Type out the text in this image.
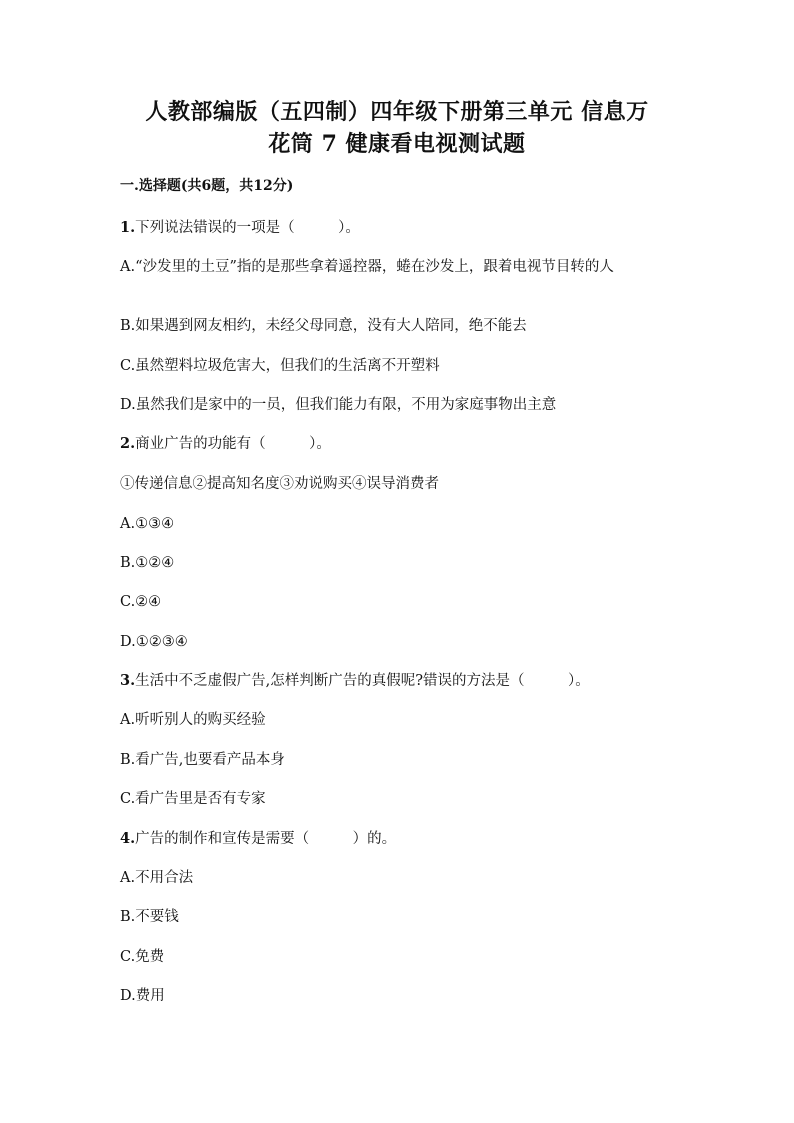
人教部编版（五四制）四年级下册第三单元 信息万
花筒 7 健康看电视测试题
一.选择题(共6题，共12分)
1.下列说法错误的一项是（　　　）。
A.“沙发里的土豆”指的是那些拿着遥控器，蜷在沙发上，跟着电视节目转的人
B.如果遇到网友相约，未经父母同意，没有大人陪同，绝不能去
C.虽然塑料垃圾危害大，但我们的生活离不开塑料
D.虽然我们是家中的一员，但我们能力有限，不用为家庭事物出主意
2.商业广告的功能有（　　　）。
①传递信息②提高知名度③劝说购买④误导消费者
A.①③④
B.①②④
C.②④
D.①②③④
3.生活中不乏虚假广告,怎样判断广告的真假呢?错误的方法是（　　　）。
A.听听别人的购买经验
B.看广告,也要看产品本身
C.看广告里是否有专家
4.广告的制作和宣传是需要（　　　）的。
A.不用合法
B.不要钱
C.免费
D.费用
